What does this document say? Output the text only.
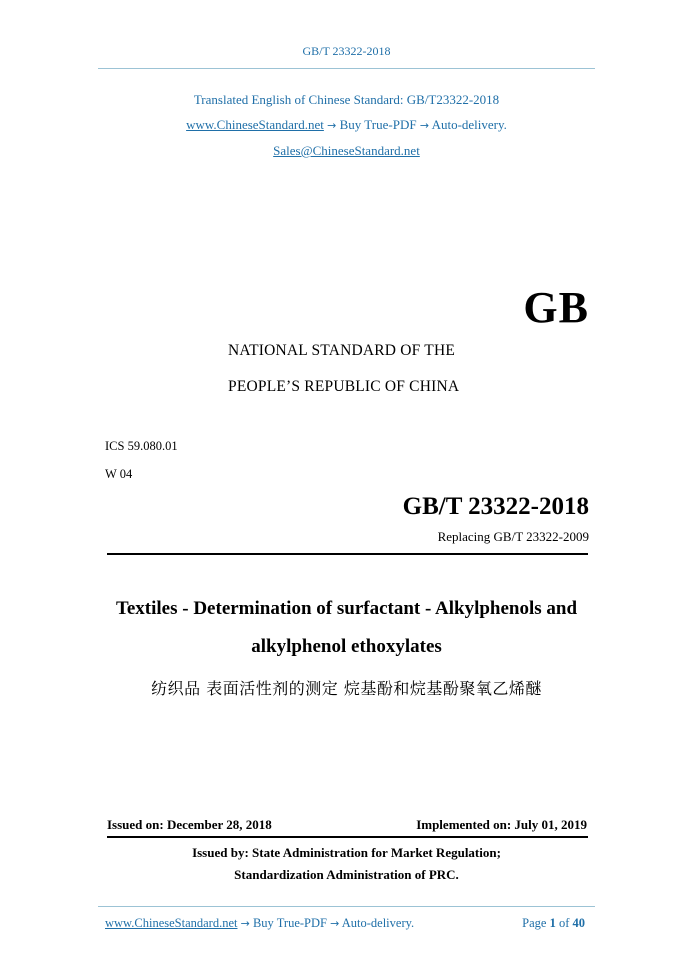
GB/T 23322-2018
Translated English of Chinese Standard: GB/T23322-2018
www.ChineseStandard.net → Buy True-PDF → Auto-delivery.
Sales@ChineseStandard.net
GB
NATIONAL STANDARD OF THE
PEOPLE’S REPUBLIC OF CHINA
ICS 59.080.01
W 04
GB/T 23322-2018
Replacing GB/T 23322-2009
Textiles - Determination of surfactant - Alkylphenols and
alkylphenol ethoxylates
纺织品 表面活性剂的测定 烷基酚和烷基酚聚氧乙烯醚
Issued on: December 28, 2018	Implemented on: July 01, 2019
Issued by: State Administration for Market Regulation;
Standardization Administration of PRC.
www.ChineseStandard.net → Buy True-PDF → Auto-delivery.	Page 1 of 40
